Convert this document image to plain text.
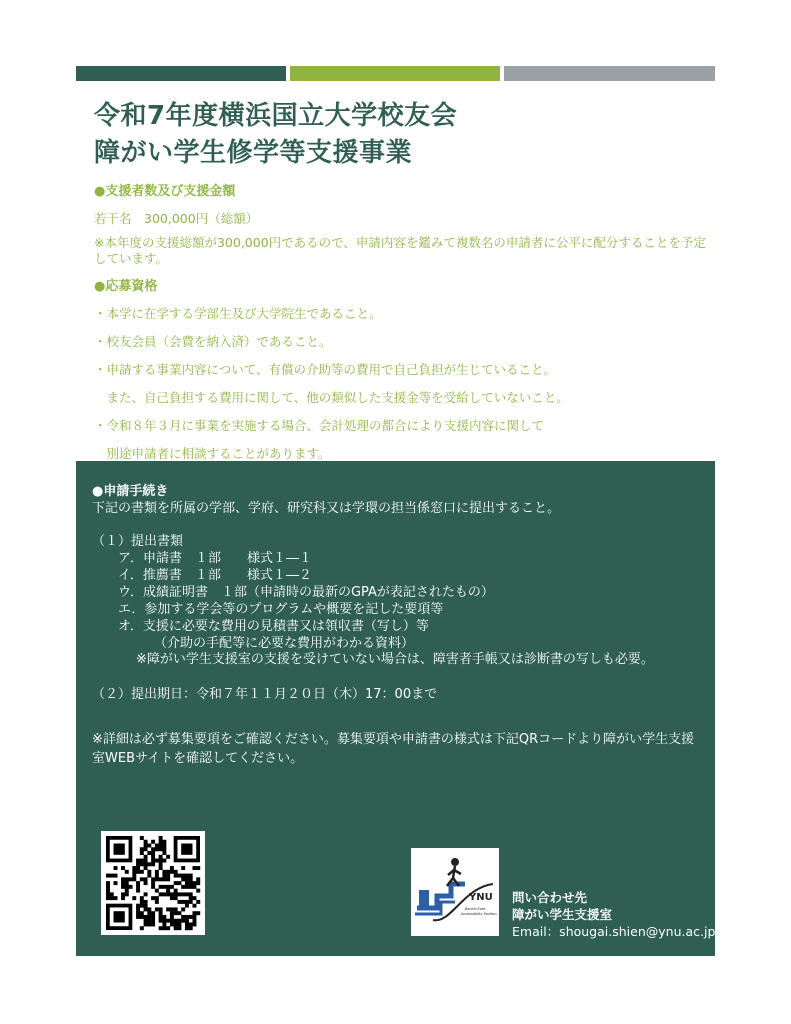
令和7年度横浜国立大学校友会
障がい学生修学等支援事業
●支援者数及び支援金額
若干名　300,000円（総額）
※本年度の支援総額が300,000円であるので、申請内容を鑑みて複数名の申請者に公平に配分することを予定しています。
●応募資格
・本学に在学する学部生及び大学院生であること。
・校友会員（会費を納入済）であること。
・申請する事業内容について、有償の介助等の費用で自己負担が生じていること。
　また、自己負担する費用に関して、他の類似した支援金等を受給していないこと。
・令和８年３月に事業を実施する場合、会計処理の都合により支援内容に関して
　別途申請者に相談することがあります。
●申請手続き
下記の書類を所属の学部、学府、研究科又は学環の担当係窓口に提出すること。
（１）提出書類
ア．申請書　１部　　様式１―１
イ．推薦書　１部　　様式１―２
ウ．成績証明書　１部（申請時の最新のGPAが表記されたもの）
エ．参加する学会等のプログラムや概要を記した要項等
オ．支援に必要な費用の見積書又は領収書（写し）等
（介助の手配等に必要な費用がわかる資料）
※障がい学生支援室の支援を受けていない場合は、障害者手帳又は診断書の写しも必要。
（２）提出期日：令和７年１１月２０日（木）17：00まで
※詳細は必ず募集要項をご確認ください。募集要項や申請書の様式は下記QRコードより障がい学生支援室WEBサイトを確認してください。
YNU
Barrier-Free
Accessibility Section
問い合わせ先
障がい学生支援室
Email：shougai.shien@ynu.ac.jp
